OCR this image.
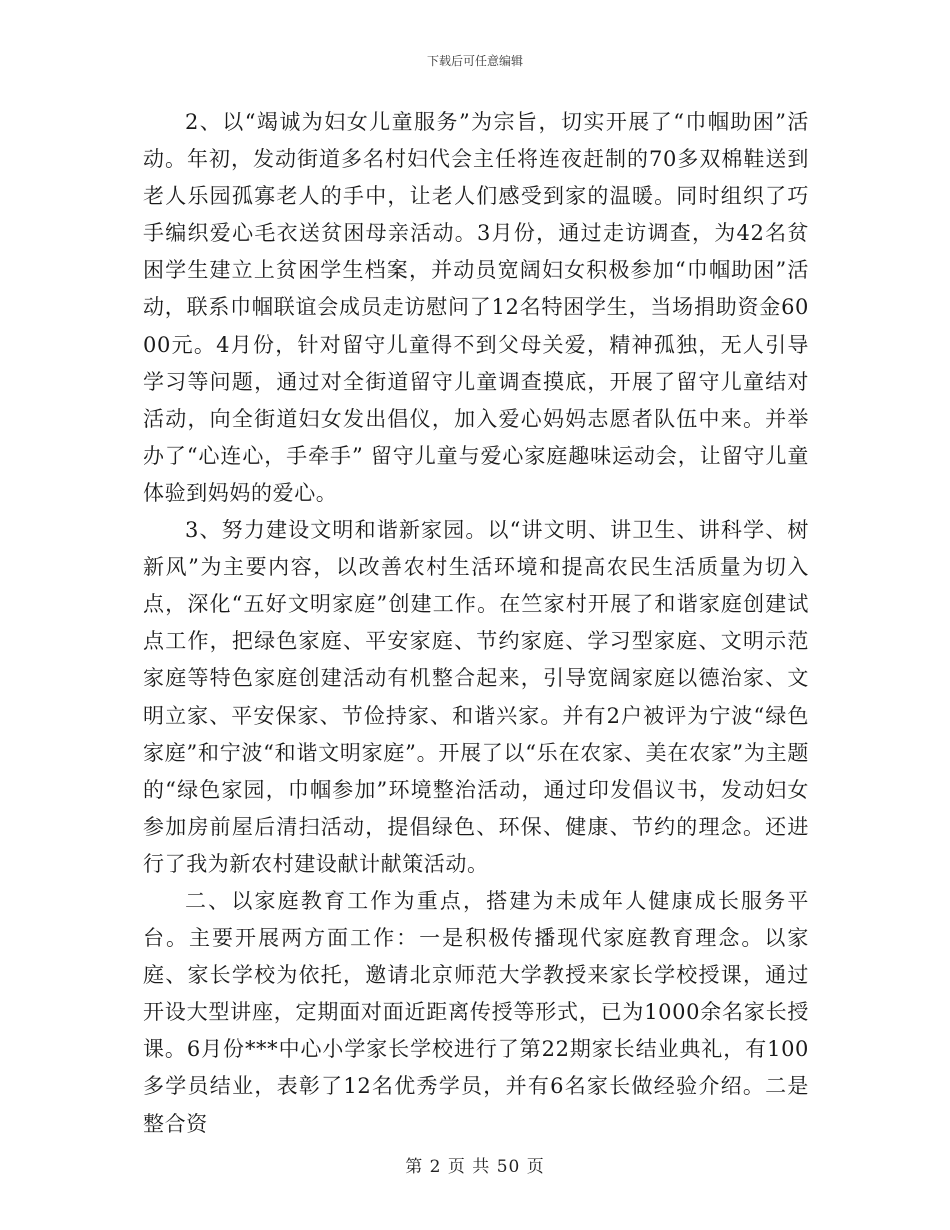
下载后可任意编辑

2、以“竭诚为妇女儿童服务”为宗旨，切实开展了“巾帼助困”活动。年初，发动街道多名村妇代会主任将连夜赶制的70多双棉鞋送到老人乐园孤寡老人的手中，让老人们感受到家的温暖。同时组织了巧手编织爱心毛衣送贫困母亲活动。3月份，通过走访调查，为42名贫困学生建立上贫困学生档案，并动员宽阔妇女积极参加“巾帼助困”活动，联系巾帼联谊会成员走访慰问了12名特困学生，当场捐助资金6000元。4月份，针对留守儿童得不到父母关爱，精神孤独，无人引导学习等问题，通过对全街道留守儿童调查摸底，开展了留守儿童结对活动，向全街道妇女发出倡仪，加入爱心妈妈志愿者队伍中来。并举办了“心连心，手牵手” 留守儿童与爱心家庭趣味运动会，让留守儿童体验到妈妈的爱心。

3、努力建设文明和谐新家园。以“讲文明、讲卫生、讲科学、树新风”为主要内容，以改善农村生活环境和提高农民生活质量为切入点，深化“五好文明家庭”创建工作。在竺家村开展了和谐家庭创建试点工作，把绿色家庭、平安家庭、节约家庭、学习型家庭、文明示范家庭等特色家庭创建活动有机整合起来，引导宽阔家庭以德治家、文明立家、平安保家、节俭持家、和谐兴家。并有2户被评为宁波“绿色家庭”和宁波“和谐文明家庭”。开展了以“乐在农家、美在农家”为主题的“绿色家园，巾帼参加”环境整治活动，通过印发倡议书，发动妇女参加房前屋后清扫活动，提倡绿色、环保、健康、节约的理念。还进行了我为新农村建设献计献策活动。

二、以家庭教育工作为重点，搭建为未成年人健康成长服务平台。主要开展两方面工作：一是积极传播现代家庭教育理念。以家庭、家长学校为依托，邀请北京师范大学教授来家长学校授课，通过开设大型讲座，定期面对面近距离传授等形式，已为1000余名家长授课。6月份***中心小学家长学校进行了第22期家长结业典礼，有100多学员结业，表彰了12名优秀学员，并有6名家长做经验介绍。二是整合资

第 2 页 共 50 页
